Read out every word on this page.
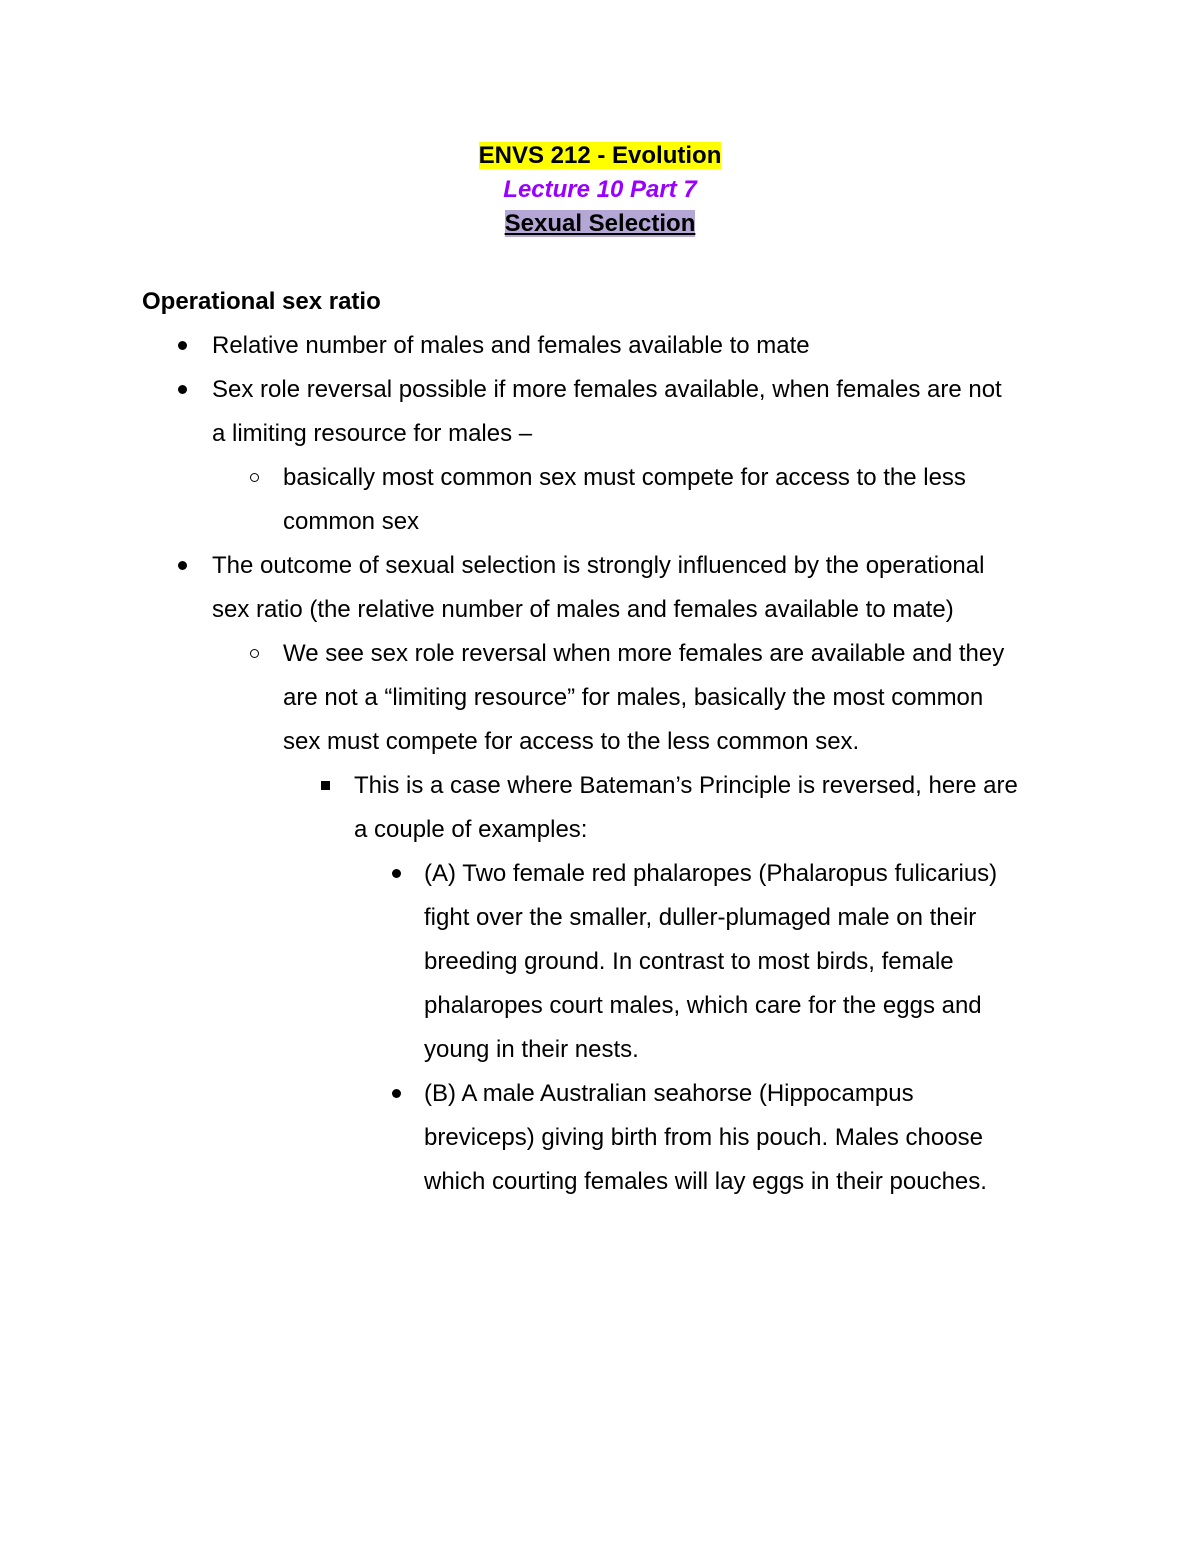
ENVS 212 - Evolution
Lecture 10 Part 7
Sexual Selection
Operational sex ratio
Relative number of males and females available to mate
Sex role reversal possible if more females available, when females are not
a limiting resource for males –
basically most common sex must compete for access to the less
common sex
The outcome of sexual selection is strongly influenced by the operational
sex ratio (the relative number of males and females available to mate)
We see sex role reversal when more females are available and they
are not a “limiting resource” for males, basically the most common
sex must compete for access to the less common sex.
This is a case where Bateman’s Principle is reversed, here are
a couple of examples:
(A) Two female red phalaropes (Phalaropus fulicarius)
fight over the smaller, duller-plumaged male on their
breeding ground. In contrast to most birds, female
phalaropes court males, which care for the eggs and
young in their nests.
(B) A male Australian seahorse (Hippocampus
breviceps) giving birth from his pouch. Males choose
which courting females will lay eggs in their pouches.
